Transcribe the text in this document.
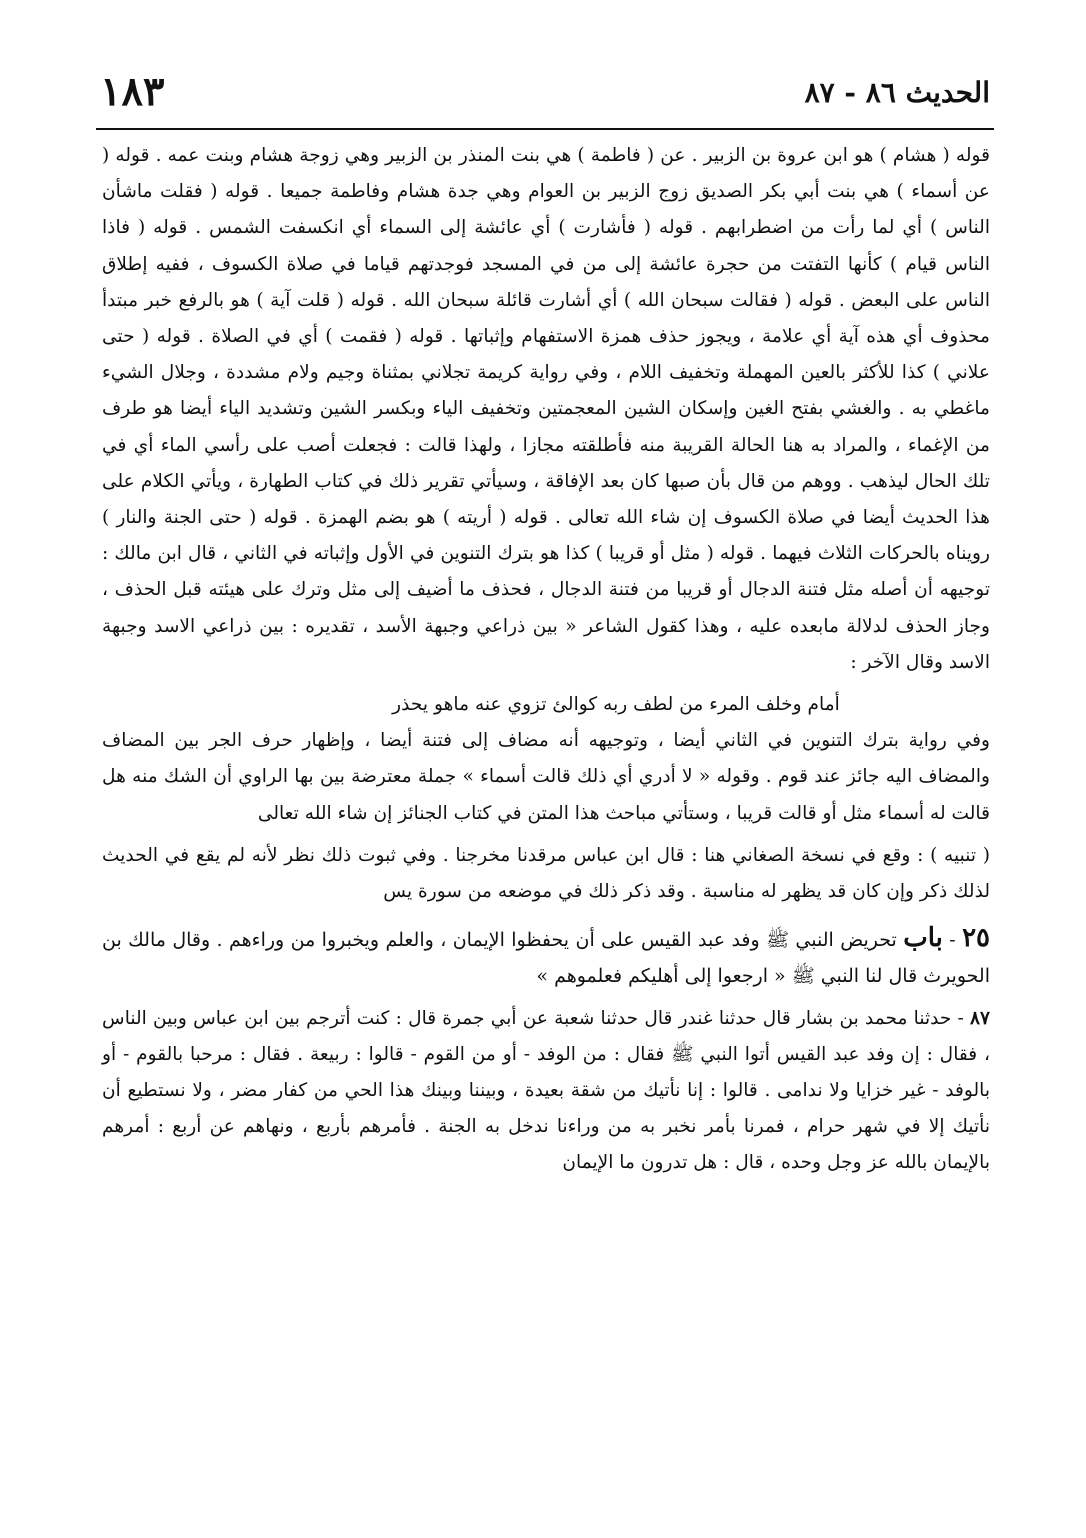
الحديث ٨٦ - ٨٧
١٨٣

قوله ( هشام ) هو ابن عروة بن الزبير . عن ( فاطمة ) هي بنت المنذر بن الزبير وهي زوجة هشام وبنت عمه . قوله ( عن أسماء ) هي بنت أبي بكر الصديق زوج الزبير بن العوام وهي جدة هشام وفاطمة جميعا . قوله ( فقلت ماشأن الناس ) أي لما رأت من اضطرابهم . قوله ( فأشارت ) أي عائشة إلى السماء أي انكسفت الشمس . قوله ( فاذا الناس قيام ) كأنها التفتت من حجرة عائشة إلى من في المسجد فوجدتهم قياما في صلاة الكسوف ، ففيه إطلاق الناس على البعض . قوله ( فقالت سبحان الله ) أي أشارت قائلة سبحان الله . قوله ( قلت آية ) هو بالرفع خبر مبتدأ محذوف أي هذه آية أي علامة ، ويجوز حذف همزة الاستفهام وإثباتها . قوله ( فقمت ) أي في الصلاة . قوله ( حتى علاني ) كذا للأكثر بالعين المهملة وتخفيف اللام ، وفي رواية كريمة تجلاني بمثناة وجيم ولام مشددة ، وجلال الشيء ماغطي به . والغشي بفتح الغين وإسكان الشين المعجمتين وتخفيف الياء وبكسر الشين وتشديد الياء أيضا هو طرف من الإغماء ، والمراد به هنا الحالة القريبة منه فأطلقته مجازا ، ولهذا قالت : فجعلت أصب على رأسي الماء أي في تلك الحال ليذهب . ووهم من قال بأن صبها كان بعد الإفاقة ، وسيأتي تقرير ذلك في كتاب الطهارة ، ويأتي الكلام على هذا الحديث أيضا في صلاة الكسوف إن شاء الله تعالى . قوله ( أريته ) هو بضم الهمزة . قوله ( حتى الجنة والنار ) رويناه بالحركات الثلاث فيهما . قوله ( مثل أو قريبا ) كذا هو بترك التنوين في الأول وإثباته في الثاني ، قال ابن مالك : توجيهه أن أصله مثل فتنة الدجال أو قريبا من فتنة الدجال ، فحذف ما أضيف إلى مثل وترك على هيئته قبل الحذف ، وجاز الحذف لدلالة مابعده عليه ، وهذا كقول الشاعر « بين ذراعي وجبهة الأسد ، تقديره : بين ذراعي الاسد وجبهة الاسد وقال الآخر :

أمام وخلف المرء من لطف ربه كوالئ تزوي عنه ماهو يحذر

وفي رواية بترك التنوين في الثاني أيضا ، وتوجيهه أنه مضاف إلى فتنة أيضا ، وإظهار حرف الجر بين المضاف والمضاف اليه جائز عند قوم . وقوله « لا أدري أي ذلك قالت أسماء » جملة معترضة بين بها الراوي أن الشك منه هل قالت له أسماء مثل أو قالت قريبا ، وستأتي مباحث هذا المتن في كتاب الجنائز إن شاء الله تعالى

( تنبيه ) : وقع في نسخة الصغاني هنا : قال ابن عباس مرقدنا مخرجنا . وفي ثبوت ذلك نظر لأنه لم يقع في الحديث لذلك ذكر وإن كان قد يظهر له مناسبة . وقد ذكر ذلك في موضعه من سورة يس

٢٥ - باب تحريض النبي ﷺ وفد عبد القيس على أن يحفظوا الإيمان ، والعلم ويخبروا من وراءهم . وقال مالك بن الحويرث قال لنا النبي ﷺ « ارجعوا إلى أهليكم فعلموهم »

٨٧ - حدثنا محمد بن بشار قال حدثنا غندر قال حدثنا شعبة عن أبي جمرة قال : كنت أترجم بين ابن عباس وبين الناس ، فقال : إن وفد عبد القيس أتوا النبي ﷺ فقال : من الوفد - أو من القوم - قالوا : ربيعة . فقال : مرحبا بالقوم - أو بالوفد - غير خزايا ولا ندامى . قالوا : إنا نأتيك من شقة بعيدة ، وبيننا وبينك هذا الحي من كفار مضر ، ولا نستطيع أن نأتيك إلا في شهر حرام ، فمرنا بأمر نخبر به من وراءنا ندخل به الجنة . فأمرهم بأربع ، ونهاهم عن أربع : أمرهم بالإيمان بالله عز وجل وحده ، قال : هل تدرون ما الإيمان
